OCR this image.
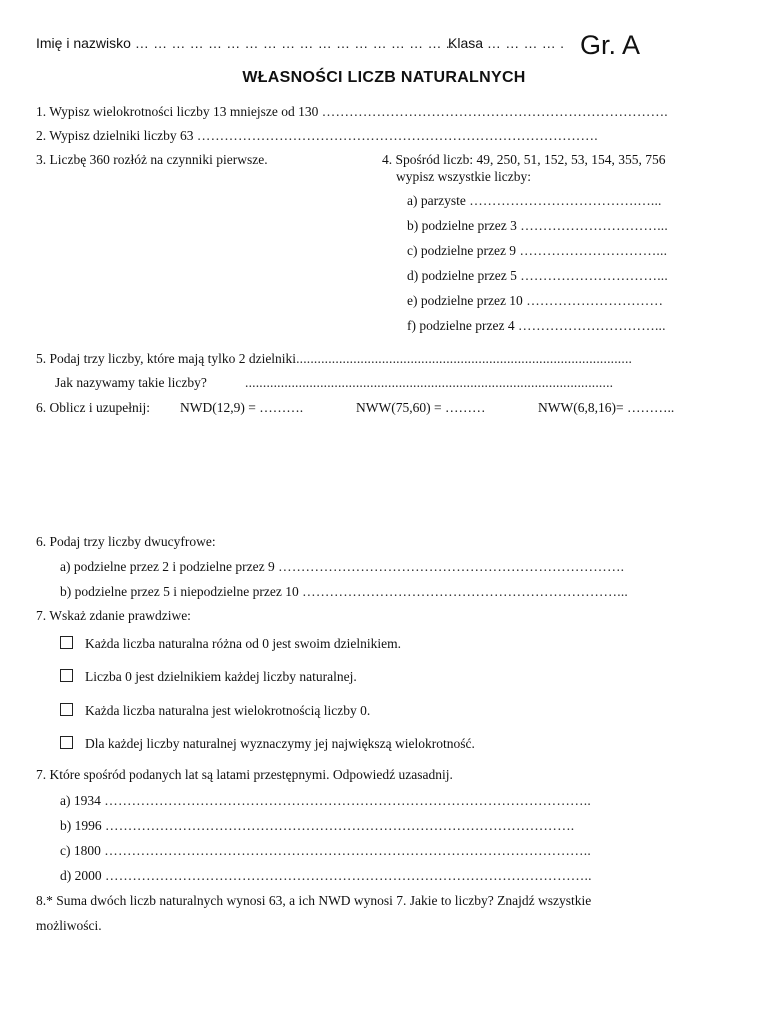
Imię i nazwisko … … … … … … … … … … … … … … … … … ..
Klasa … … … … . Gr. A
WŁASNOŚCI LICZB NATURALNYCH
1. Wypisz wielokrotności liczby 13 mniejsze od 130 ………………………………………………………………….
2. Wypisz dzielniki liczby 63 …………………………………………………………………………….
3. Liczbę 360 rozłóż na czynniki pierwsze.	4. Spośród liczb: 49, 250, 51, 152, 53, 154, 355, 756
wypisz wszystkie liczby:
a) parzyste ……………………………….…...
b) podzielne przez 3 …………………………...
c) podzielne przez 9 …………………………...
d) podzielne przez 5 …………………………...
e) podzielne przez 10 …………………………
f) podzielne przez 4 …………………………...
5. Podaj trzy liczby, które mają tylko 2 dzielniki..............................................................................................
Jak nazywamy takie liczby?	.......................................................................................................
6. Oblicz i uzupełnij: NWD(12,9) = ……….	NWW(75,60) = ………	NWW(6,8,16)= ………..
6. Podaj trzy liczby dwucyfrowe:
a) podzielne przez 2 i podzielne przez 9 ………………………………………………………………….
b) podzielne przez 5 i niepodzielne przez 10 ……………………………………………………………...
7. Wskaż zdanie prawdziwe:
Każda liczba naturalna różna od 0 jest swoim dzielnikiem.
Liczba 0 jest dzielnikiem każdej liczby naturalnej.
Każda liczba naturalna jest wielokrotnością liczby 0.
Dla każdej liczby naturalnej wyznaczymy jej największą wielokrotność.
7. Które spośród podanych lat są latami przestępnymi. Odpowiedź uzasadnij.
a) 1934 ……………………………………………………………………………………………..
b) 1996 ………………………………………………………………………………………….
c) 1800 ……………………………………………………………………………………………..
d) 2000 ……………………………………………………………………………………………..
8.* Suma dwóch liczb naturalnych wynosi 63, a ich NWD wynosi 7. Jakie to liczby? Znajdź wszystkie
możliwości.
